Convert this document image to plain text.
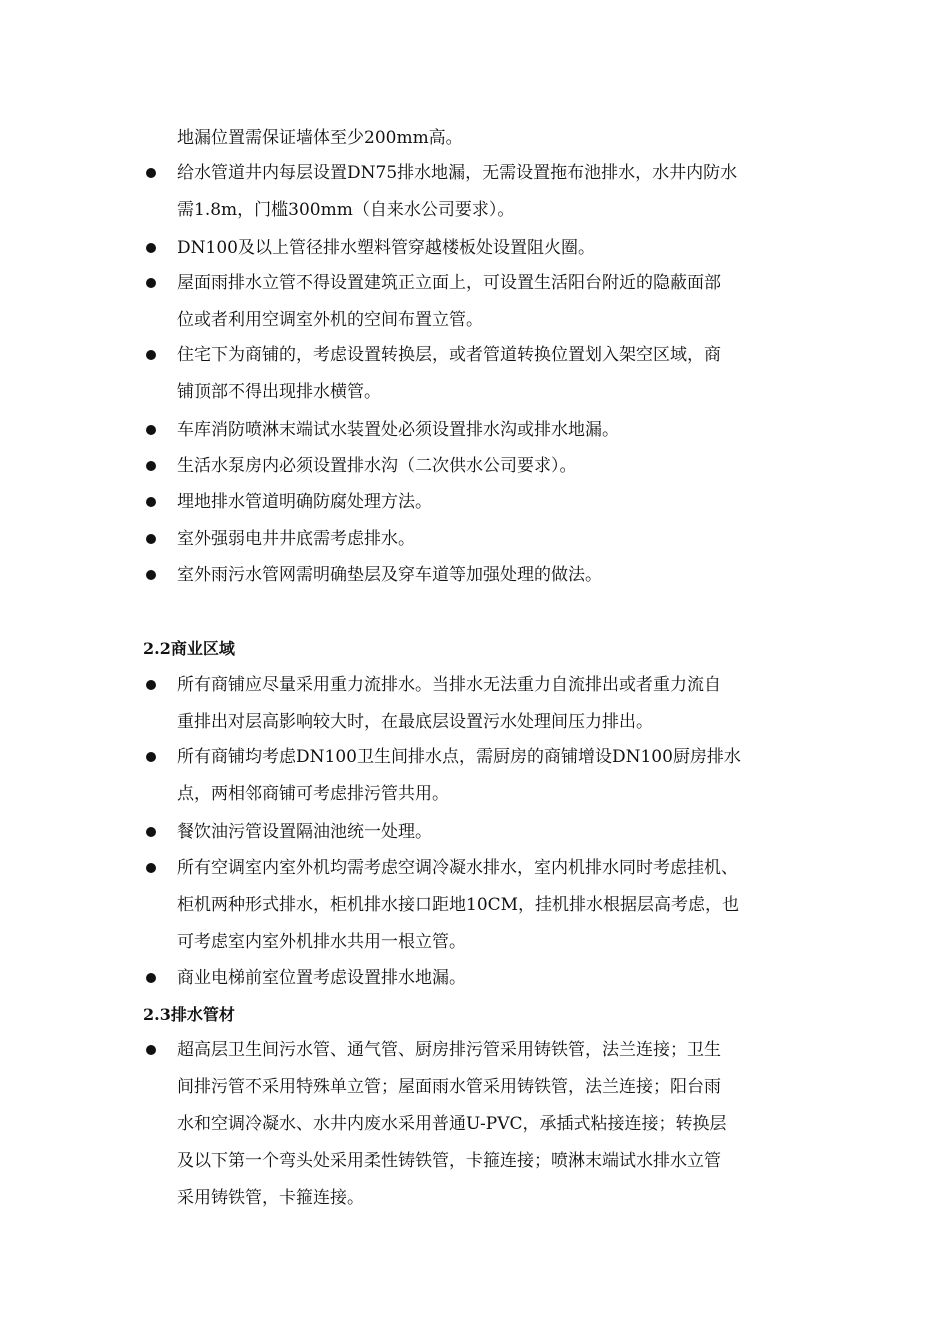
地漏位置需保证墙体至少200mm高。
给水管道井内每层设置DN75排水地漏，无需设置拖布池排水，水井内防水
需1.8m，门槛300mm（自来水公司要求）。
DN100及以上管径排水塑料管穿越楼板处设置阻火圈。
屋面雨排水立管不得设置建筑正立面上，可设置生活阳台附近的隐蔽面部
位或者利用空调室外机的空间布置立管。
住宅下为商铺的，考虑设置转换层，或者管道转换位置划入架空区域，商
铺顶部不得出现排水横管。
车库消防喷淋末端试水装置处必须设置排水沟或排水地漏。
生活水泵房内必须设置排水沟（二次供水公司要求）。
埋地排水管道明确防腐处理方法。
室外强弱电井井底需考虑排水。
室外雨污水管网需明确垫层及穿车道等加强处理的做法。
2.2商业区域
所有商铺应尽量采用重力流排水。当排水无法重力自流排出或者重力流自
重排出对层高影响较大时，在最底层设置污水处理间压力排出。
所有商铺均考虑DN100卫生间排水点，需厨房的商铺增设DN100厨房排水
点，两相邻商铺可考虑排污管共用。
餐饮油污管设置隔油池统一处理。
所有空调室内室外机均需考虑空调冷凝水排水，室内机排水同时考虑挂机、
柜机两种形式排水，柜机排水接口距地10CM，挂机排水根据层高考虑，也
可考虑室内室外机排水共用一根立管。
商业电梯前室位置考虑设置排水地漏。
2.3排水管材
超高层卫生间污水管、通气管、厨房排污管采用铸铁管，法兰连接；卫生
间排污管不采用特殊单立管；屋面雨水管采用铸铁管，法兰连接；阳台雨
水和空调冷凝水、水井内废水采用普通U-PVC，承插式粘接连接；转换层
及以下第一个弯头处采用柔性铸铁管，卡箍连接；喷淋末端试水排水立管
采用铸铁管，卡箍连接。
